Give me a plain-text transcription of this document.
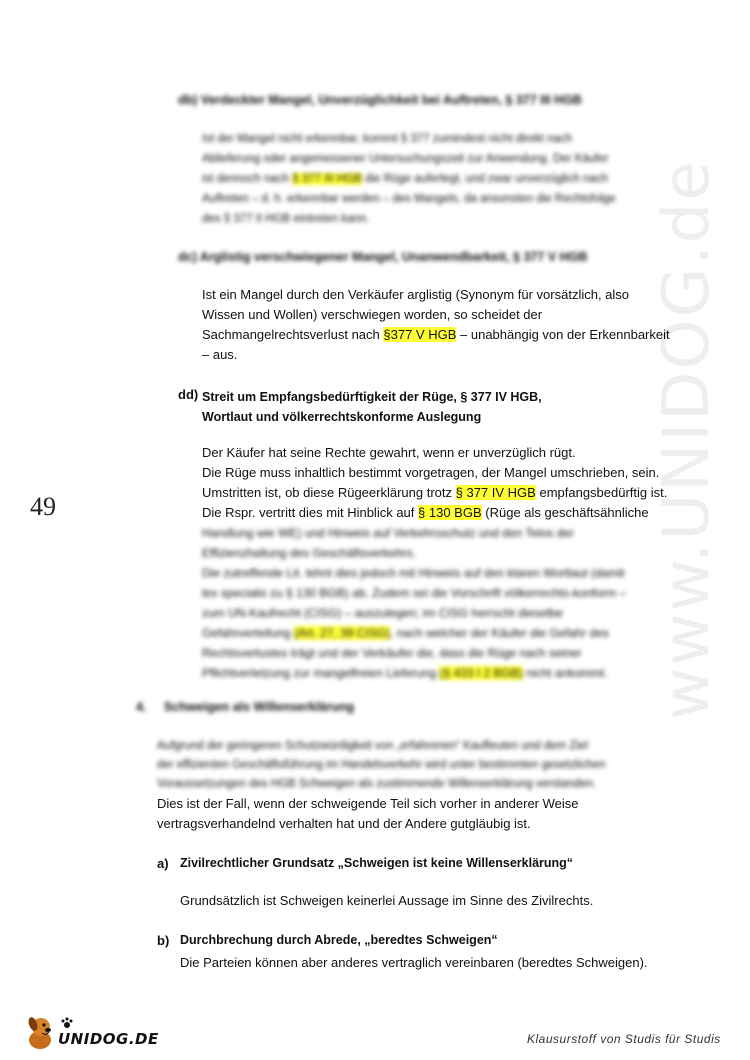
www.UNIDOG.de
49
db) Verdeckter Mangel, Unverzüglichkeit bei Auftreten, § 377 III HGB
Ist der Mangel nicht erkennbar, kommt § 377 zumindest nicht direkt nach
Ablieferung oder angemessener Untersuchungszeit zur Anwendung. Der Käufer
ist dennoch nach § 377 III HGB die Rüge auferlegt, und zwar unverzüglich nach
Auftreten – d. h. erkennbar werden – des Mangels, da ansonsten die Rechtsfolge
des § 377 II HGB eintreten kann.
dc) Arglistig verschwiegener Mangel, Unanwendbarkeit, § 377 V HGB
Ist ein Mangel durch den Verkäufer arglistig (Synonym für vorsätzlich, also
Wissen und Wollen) verschwiegen worden, so scheidet der
Sachmangelrechtsverlust nach §377 V HGB – unabhängig von der Erkennbarkeit
– aus.
dd) Streit um Empfangsbedürftigkeit der Rüge, § 377 IV HGB,
Wortlaut und völkerrechtskonforme Auslegung
Der Käufer hat seine Rechte gewahrt, wenn er unverzüglich rügt.
Die Rüge muss inhaltlich bestimmt vorgetragen, der Mangel umschrieben, sein.
Umstritten ist, ob diese Rügeerklärung trotz § 377 IV HGB empfangsbedürftig ist.
Die Rspr. vertritt dies mit Hinblick auf § 130 BGB (Rüge als geschäftsähnliche
Handlung wie WE) und Hinweis auf Verkehrsschutz und den Telos der
Effizienzhaltung des Geschäftsverkehrs.
Die zutreffende Lit. lehnt dies jedoch mit Hinweis auf den klaren Wortlaut (damit
lex specialis zu § 130 BGB) ab. Zudem sei die Vorschrift völkerrechts-konform –
zum UN-Kaufrecht (CISG) – auszulegen; im CISG herrscht dieselbe
Gefahrverteilung (Art. 27, 39 CISG), nach welcher der Käufer die Gefahr des
Rechtsverlustes trägt und der Verkäufer die, dass die Rüge nach seiner
Pflichtverletzung zur mangelfreien Lieferung (§ 433 I 2 BGB) nicht ankommt.
4. Schweigen als Willenserklärung
Aufgrund der geringeren Schutzwürdigkeit von „erfahrenen“ Kaufleuten und dem Ziel
der effizienten Geschäftsführung im Handelsverkehr wird unter bestimmten gesetzlichen
Voraussetzungen des HGB Schweigen als zustimmende Willenserklärung verstanden.
Dies ist der Fall, wenn der schweigende Teil sich vorher in anderer Weise
vertragsverhandelnd verhalten hat und der Andere gutgläubig ist.
a) Zivilrechtlicher Grundsatz „Schweigen ist keine Willenserklärung“
Grundsätzlich ist Schweigen keinerlei Aussage im Sinne des Zivilrechts.
b) Durchbrechung durch Abrede, „beredtes Schweigen“
Die Parteien können aber anderes vertraglich vereinbaren (beredtes Schweigen).
UNIDOG.DE	Klausurstoff von Studis für Studis
